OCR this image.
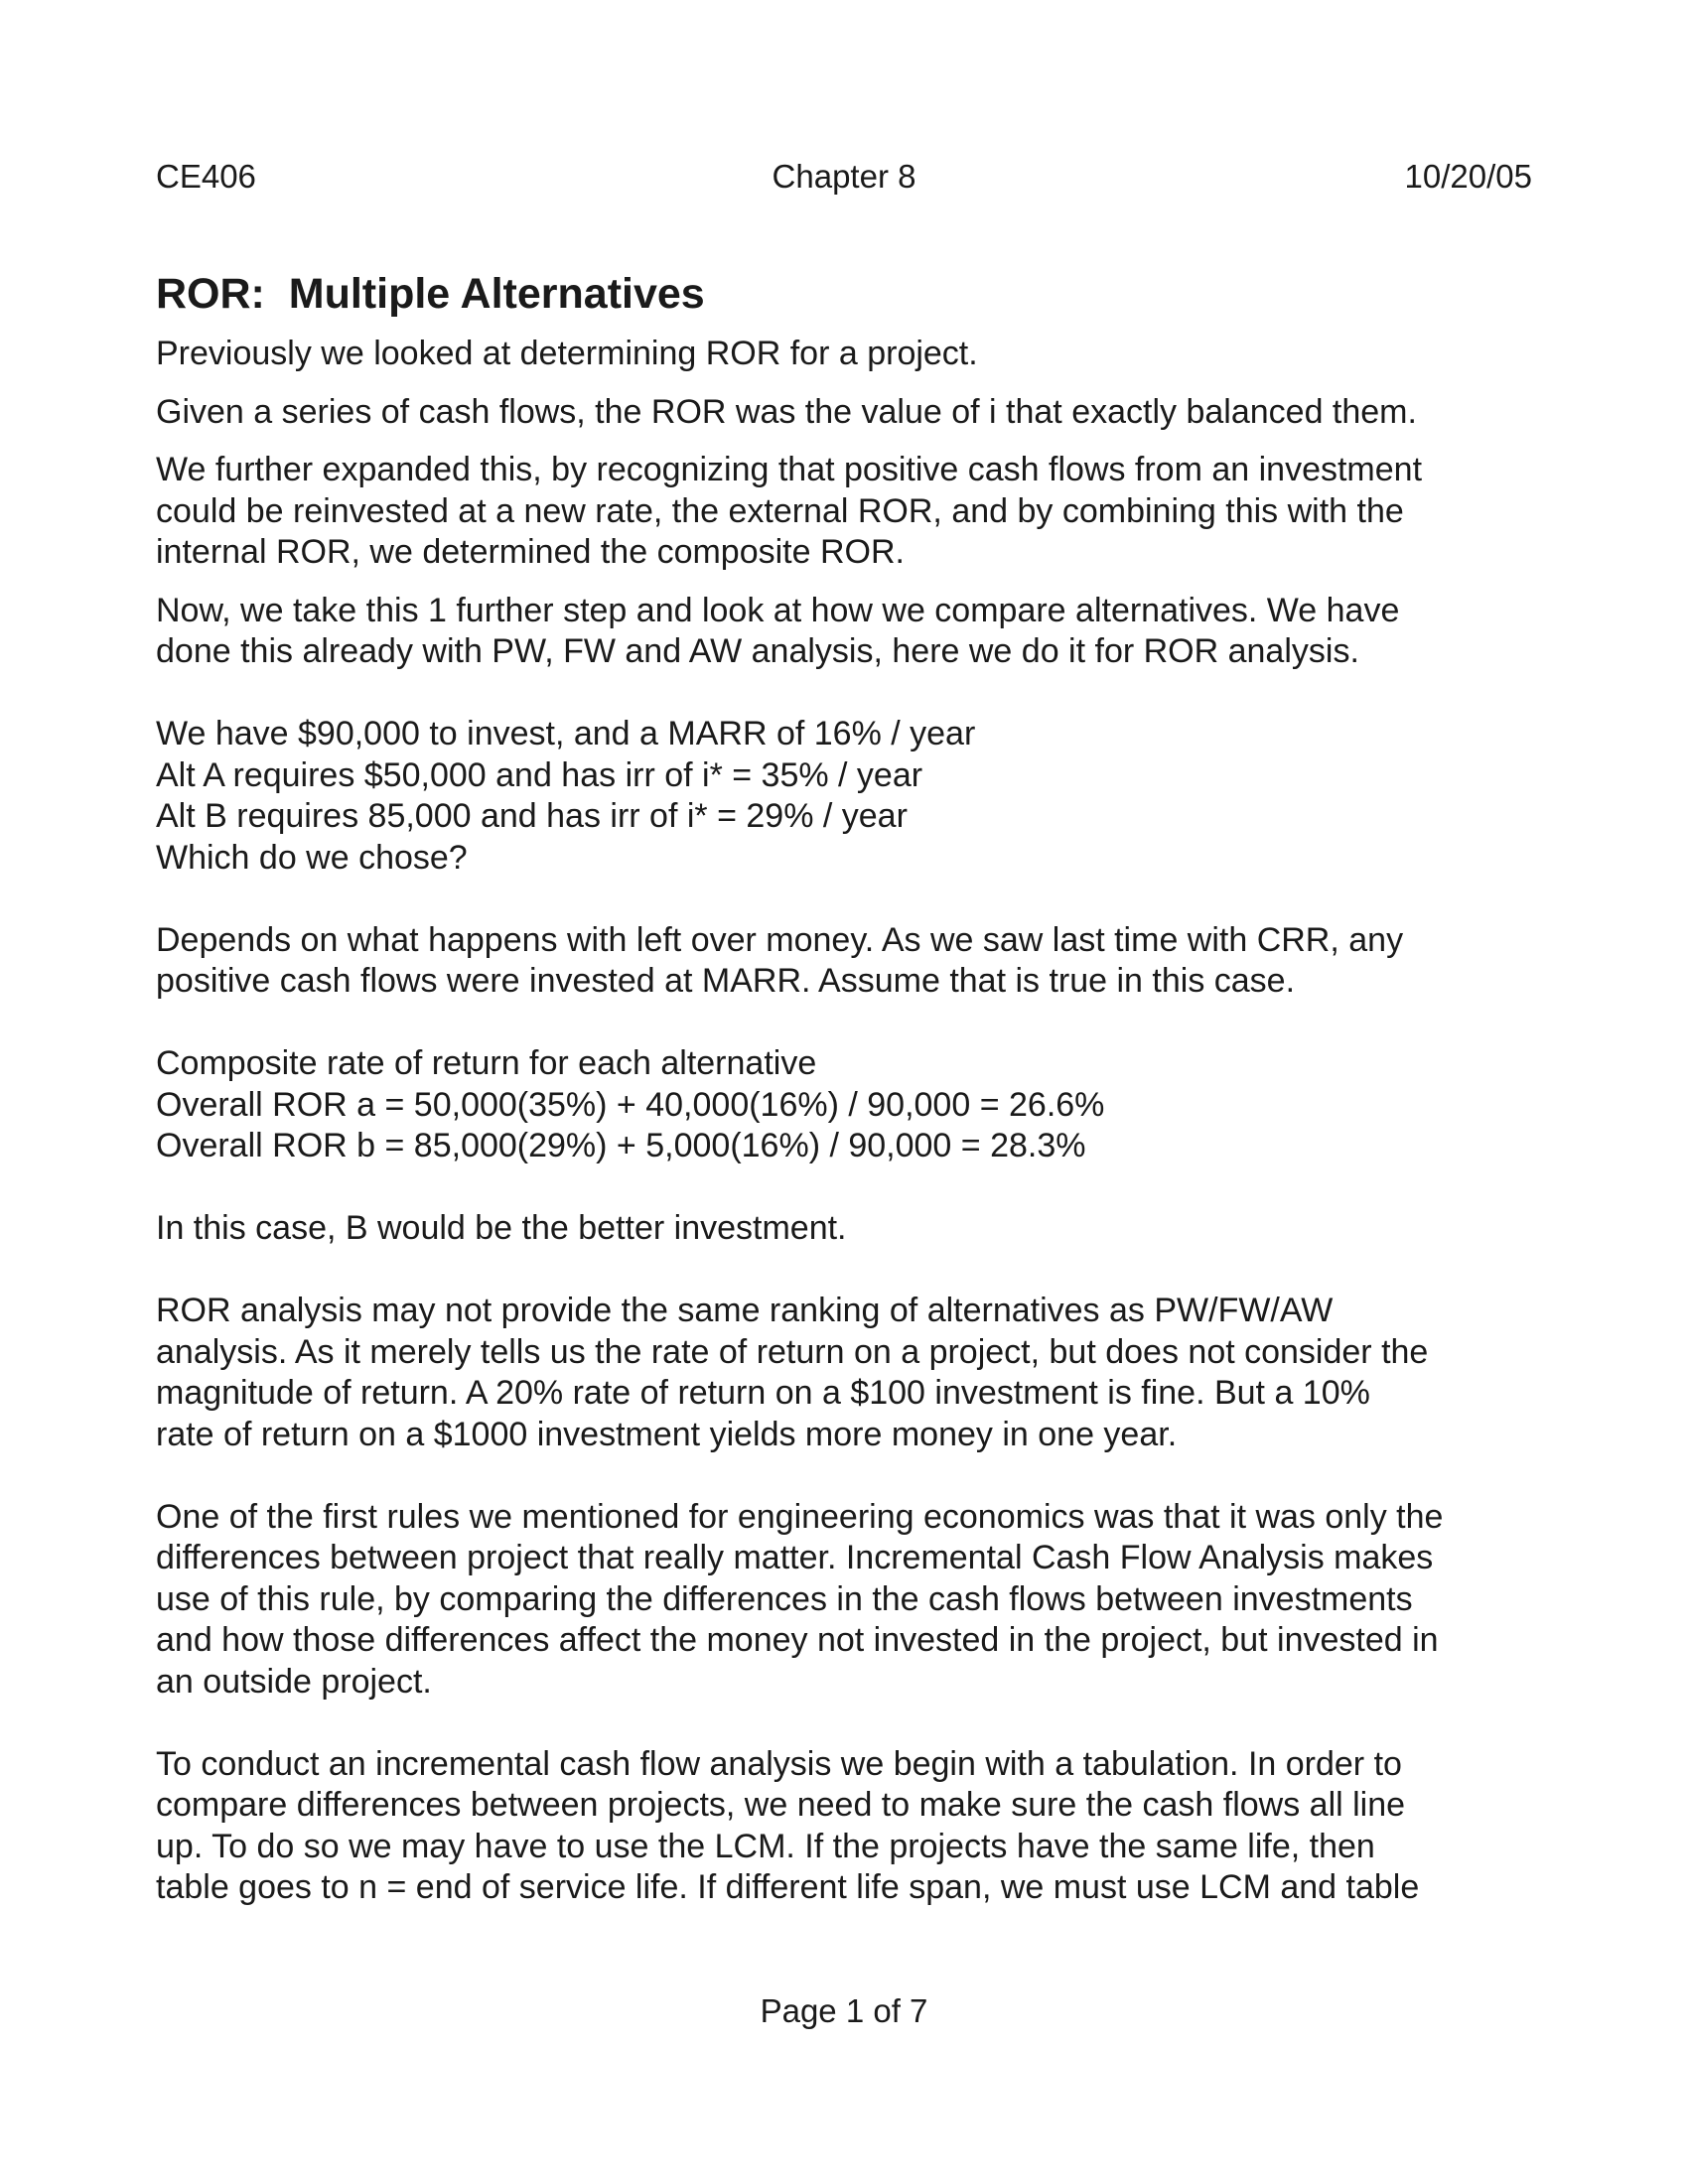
CE406	Chapter 8	10/20/05
ROR:  Multiple Alternatives

Previously we looked at determining ROR for a project.

Given a series of cash flows, the ROR was the value of i that exactly balanced them.

We further expanded this, by recognizing that positive cash flows from an investment
could be reinvested at a new rate, the external ROR, and by combining this with the
internal ROR, we determined the composite ROR.

Now, we take this 1 further step and look at how we compare alternatives. We have
done this already with PW, FW and AW analysis, here we do it for ROR analysis.

We have $90,000 to invest, and a MARR of 16% / year
Alt A requires $50,000 and has irr of i* = 35% / year
Alt B requires 85,000 and has irr of i* = 29% / year
Which do we chose?

Depends on what happens with left over money. As we saw last time with CRR, any
positive cash flows were invested at MARR. Assume that is true in this case.

Composite rate of return for each alternative
Overall ROR a = 50,000(35%) + 40,000(16%) / 90,000 = 26.6%
Overall ROR b = 85,000(29%) + 5,000(16%) / 90,000 = 28.3%

In this case, B would be the better investment.

ROR analysis may not provide the same ranking of alternatives as PW/FW/AW
analysis. As it merely tells us the rate of return on a project, but does not consider the
magnitude of return. A 20% rate of return on a $100 investment is fine. But a 10%
rate of return on a $1000 investment yields more money in one year.

One of the first rules we mentioned for engineering economics was that it was only the
differences between project that really matter. Incremental Cash Flow Analysis makes
use of this rule, by comparing the differences in the cash flows between investments
and how those differences affect the money not invested in the project, but invested in
an outside project.

To conduct an incremental cash flow analysis we begin with a tabulation. In order to
compare differences between projects, we need to make sure the cash flows all line
up. To do so we may have to use the LCM. If the projects have the same life, then
table goes to n = end of service life. If different life span, we must use LCM and table

Page 1 of 7
